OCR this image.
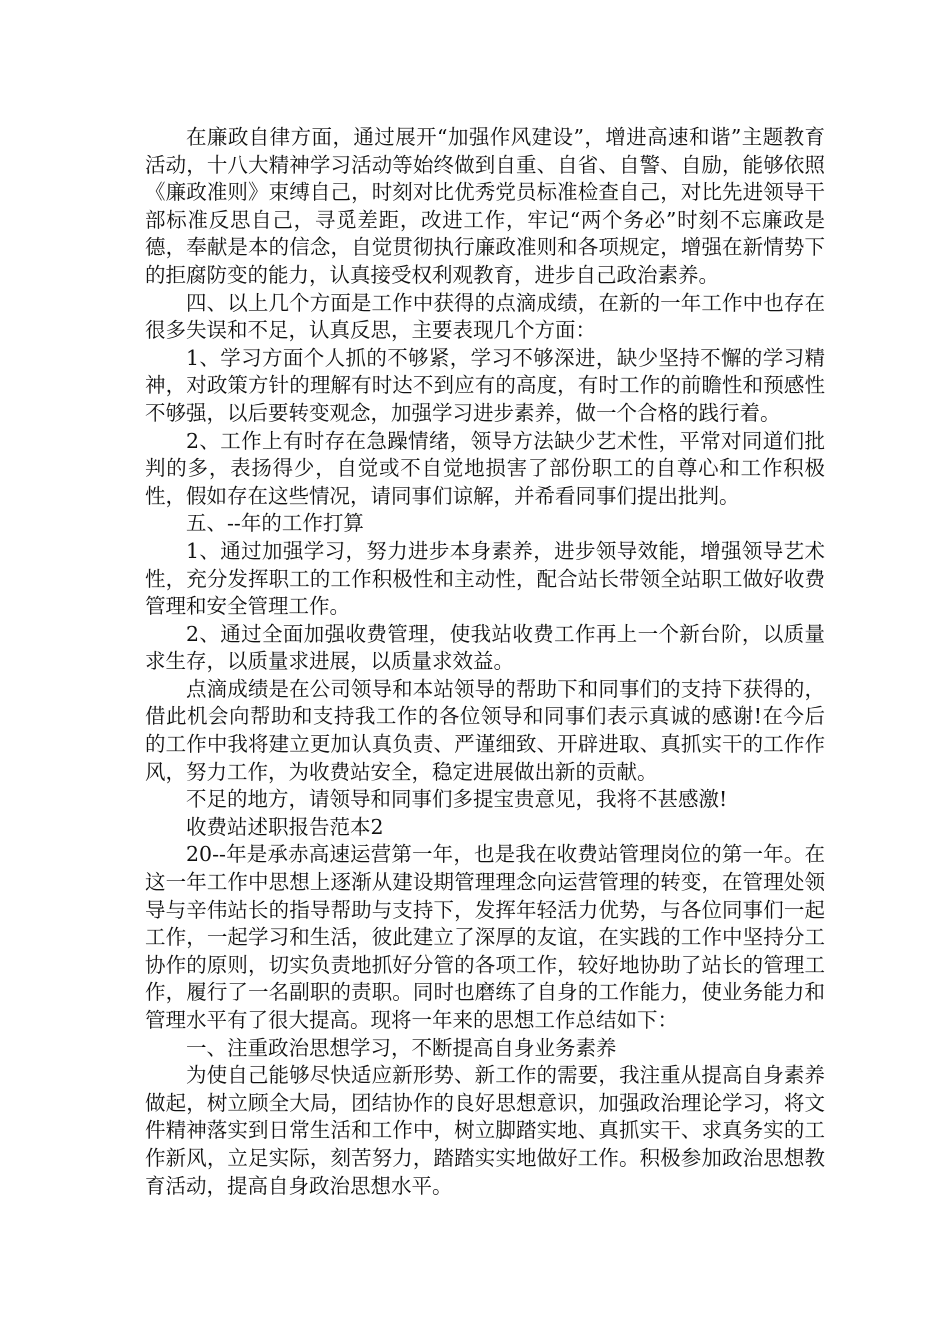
在廉政自律方面，通过展开“加强作风建设”，增进高速和谐”主题教育活动，十八大精神学习活动等始终做到自重、自省、自警、自励，能够依照《廉政准则》束缚自己，时刻对比优秀党员标准检查自己，对比先进领导干部标准反思自己，寻觅差距，改进工作，牢记“两个务必”时刻不忘廉政是德，奉献是本的信念，自觉贯彻执行廉政准则和各项规定，增强在新情势下的拒腐防变的能力，认真接受权利观教育，进步自己政治素养。

四、以上几个方面是工作中获得的点滴成绩，在新的一年工作中也存在很多失误和不足，认真反思，主要表现几个方面：

1、学习方面个人抓的不够紧，学习不够深进，缺少坚持不懈的学习精神，对政策方针的理解有时达不到应有的高度，有时工作的前瞻性和预感性不够强，以后要转变观念，加强学习进步素养，做一个合格的践行着。

2、工作上有时存在急躁情绪，领导方法缺少艺术性，平常对同道们批判的多，表扬得少，自觉或不自觉地损害了部份职工的自尊心和工作积极性，假如存在这些情况，请同事们谅解，并希看同事们提出批判。

五、--年的工作打算

1、通过加强学习，努力进步本身素养，进步领导效能，增强领导艺术性，充分发挥职工的工作积极性和主动性，配合站长带领全站职工做好收费管理和安全管理工作。

2、通过全面加强收费管理，使我站收费工作再上一个新台阶，以质量求生存，以质量求进展，以质量求效益。

点滴成绩是在公司领导和本站领导的帮助下和同事们的支持下获得的，借此机会向帮助和支持我工作的各位领导和同事们表示真诚的感谢!在今后的工作中我将建立更加认真负责、严谨细致、开辟进取、真抓实干的工作作风，努力工作，为收费站安全，稳定进展做出新的贡献。

不足的地方，请领导和同事们多提宝贵意见，我将不甚感激!

收费站述职报告范本2

20--年是承赤高速运营第一年，也是我在收费站管理岗位的第一年。在这一年工作中思想上逐渐从建设期管理理念向运营管理的转变，在管理处领导与辛伟站长的指导帮助与支持下，发挥年轻活力优势，与各位同事们一起工作，一起学习和生活，彼此建立了深厚的友谊，在实践的工作中坚持分工协作的原则，切实负责地抓好分管的各项工作，较好地协助了站长的管理工作，履行了一名副职的责职。同时也磨练了自身的工作能力，使业务能力和管理水平有了很大提高。现将一年来的思想工作总结如下：

一、注重政治思想学习，不断提高自身业务素养

为使自己能够尽快适应新形势、新工作的需要，我注重从提高自身素养做起，树立顾全大局，团结协作的良好思想意识，加强政治理论学习，将文件精神落实到日常生活和工作中，树立脚踏实地、真抓实干、求真务实的工作新风，立足实际，刻苦努力，踏踏实实地做好工作。积极参加政治思想教育活动，提高自身政治思想水平。
